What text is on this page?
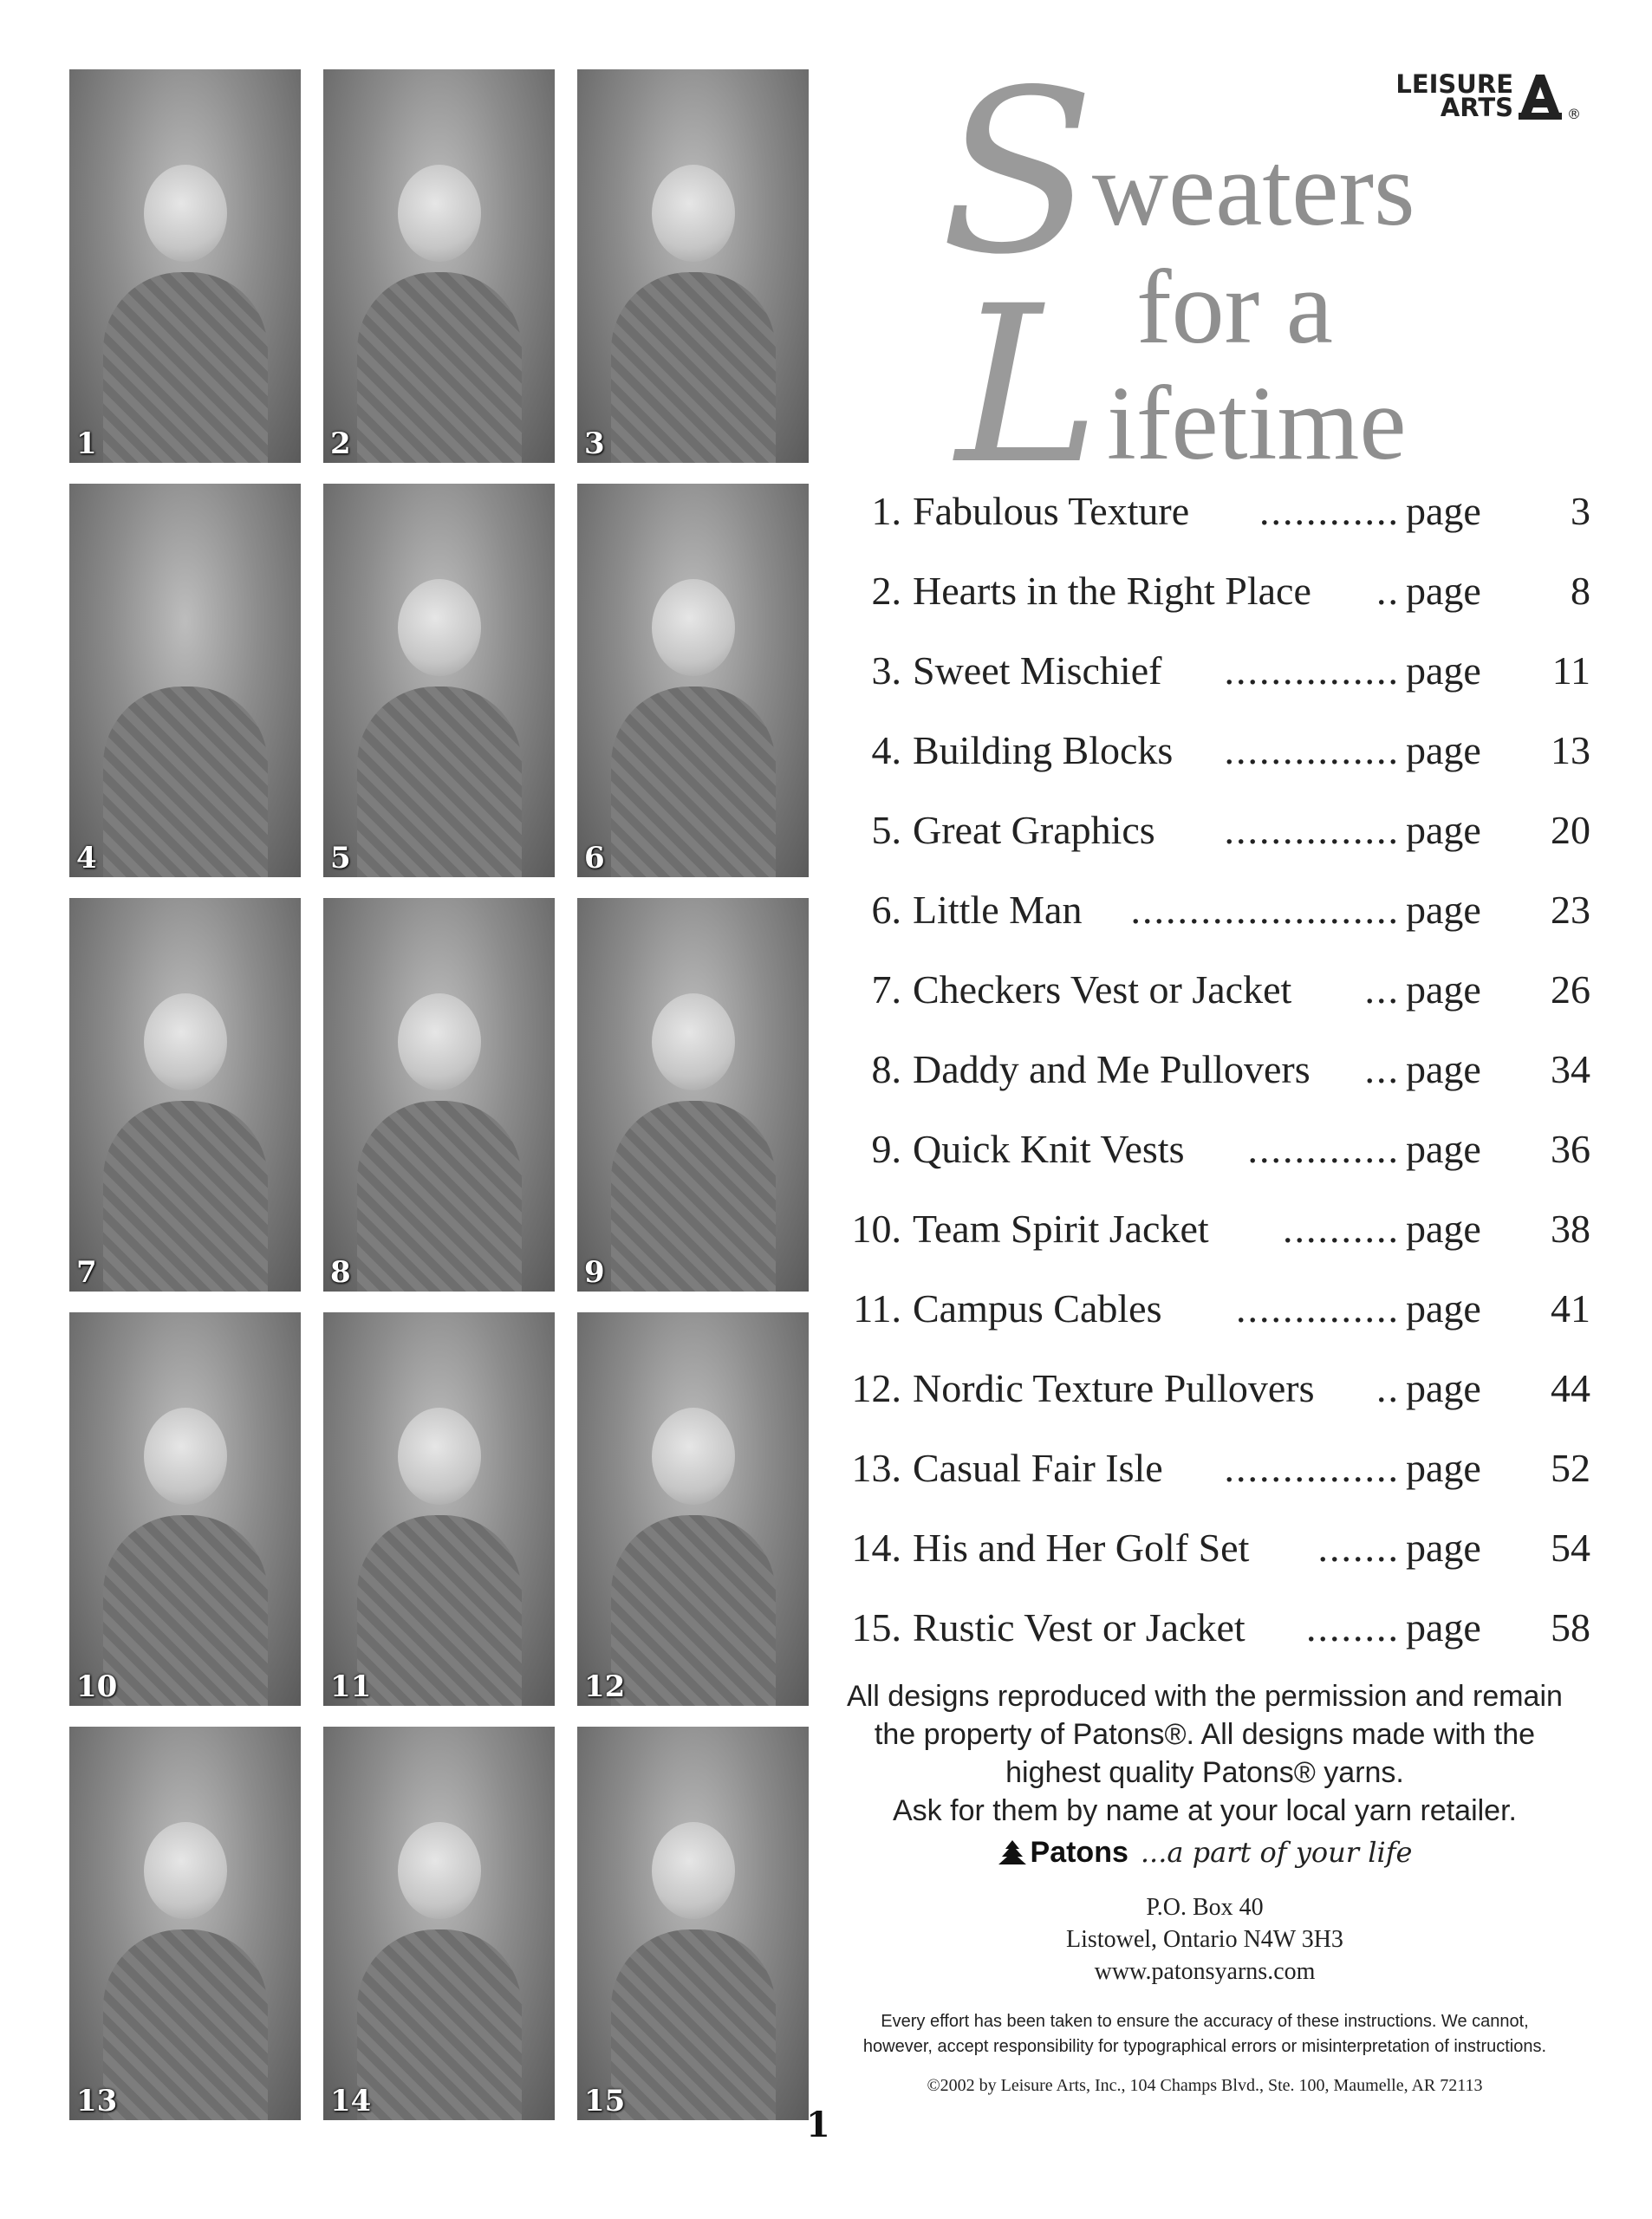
1	2	3
4	5	6
7	8	9
10	11	12
13	14	15
LEISURE
ARTS	®
S
weaters
for a
L ifetime
1. Fabulous Texture ............ page 3
2. Hearts in the Right Place .. page 8
3. Sweet Mischief ............... page 11
4. Building Blocks ............... page 13
5. Great Graphics ............... page 20
6. Little Man ....................... page 23
7. Checkers Vest or Jacket ... page 26
8. Daddy and Me Pullovers ... page 34
9. Quick Knit Vests ............. page 36
10. Team Spirit Jacket .......... page 38
11. Campus Cables .............. page 41
12. Nordic Texture Pullovers .. page 44
13. Casual Fair Isle ............... page 52
14. His and Her Golf Set ....... page 54
15. Rustic Vest or Jacket ........ page 58
All designs reproduced with the permission and remain
the property of Patons®. All designs made with the
highest quality Patons® yarns.
Ask for them by name at your local yarn retailer.
Patons ...a part of your life
P.O. Box 40
Listowel, Ontario N4W 3H3
www.patonsyarns.com
Every effort has been taken to ensure the accuracy of these instructions. We cannot,
however, accept responsibility for typographical errors or misinterpretation of instructions.
©2002 by Leisure Arts, Inc., 104 Champs Blvd., Ste. 100, Maumelle, AR 72113
1
